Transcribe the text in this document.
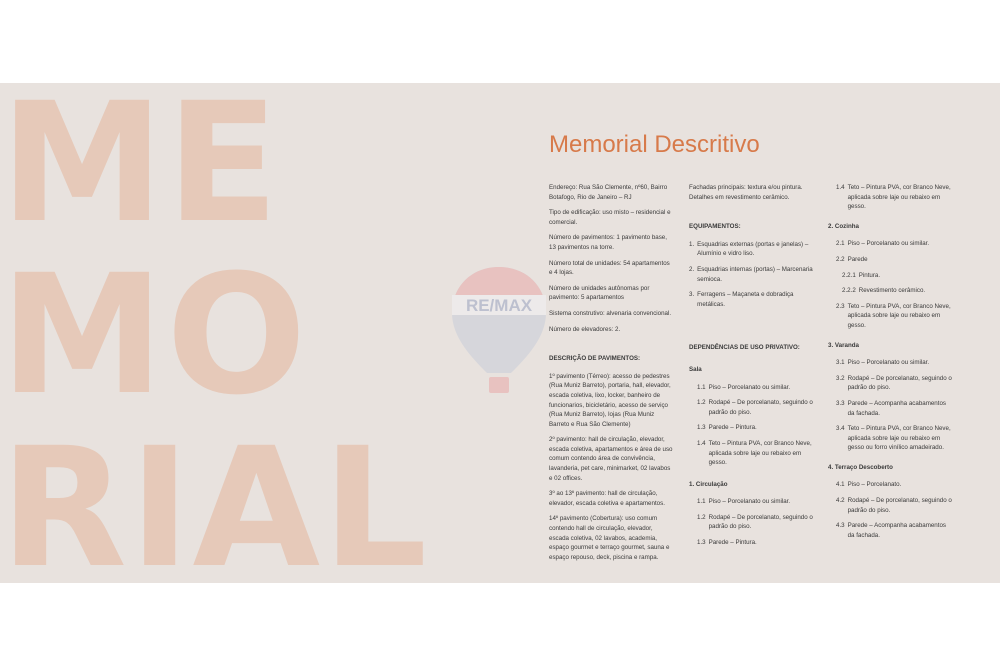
ME
MO
RIAL
RE/MAX
Memorial Descritivo

Endereço: Rua São Clemente, nº60, Bairro Botafogo, Rio de Janeiro – RJ

Tipo de edificação: uso misto – residencial e comercial.

Número de pavimentos: 1 pavimento base, 13 pavimentos na torre.

Número total de unidades: 54 apartamentos e 4 lojas.

Número de unidades autônomas por pavimento: 5 apartamentos

Sistema construtivo: alvenaria convencional.

Número de elevadores: 2.

DESCRIÇÃO DE PAVIMENTOS:

1º pavimento (Térreo): acesso de pedestres (Rua Muniz Barreto), portaria, hall, elevador, escada coletiva, lixo, locker, banheiro de funcionarios, bicicletário, acesso de serviço (Rua Muniz Barreto), lojas (Rua Muniz Barreto e Rua São Clemente)

2º pavimento: hall de circulação, elevador, escada coletiva, apartamentos e área de uso comum contendo área de convivência, lavanderia, pet care, minimarket, 02 lavabos e 02 offices.

3º ao 13º pavimento: hall de circulação, elevador, escada coletiva e apartamentos.

14º pavimento (Cobertura): uso comum contendo hall de circulação, elevador, escada coletiva, 02 lavabos, academia, espaço gourmet e terraço gourmet, sauna e espaço repouso, deck, piscina e rampa.

Fachadas principais: textura e/ou pintura. Detalhes em revestimento cerâmico.

EQUIPAMENTOS:

1. Esquadrias externas (portas e janelas) – Alumínio e vidro liso.
2. Esquadrias internas (portas) – Marcenaria semioca.
3. Ferragens – Maçaneta e dobradiça metálicas.

DEPENDÊNCIAS DE USO PRIVATIVO:

Sala

1.1 Piso – Porcelanato ou similar.
1.2 Rodapé – De porcelanato, seguindo o padrão do piso.
1.3 Parede – Pintura.
1.4 Teto – Pintura PVA, cor Branco Neve, aplicada sobre laje ou rebaixo em gesso.

1. Circulação

1.1 Piso – Porcelanato ou similar.
1.2 Rodapé – De porcelanato, seguindo o padrão do piso.
1.3 Parede – Pintura.
1.4 Teto – Pintura PVA, cor Branco Neve, aplicada sobre laje ou rebaixo em gesso.

2. Cozinha

2.1 Piso – Porcelanato ou similar.
2.2 Parede
2.2.1 Pintura.
2.2.2 Revestimento cerâmico.
2.3 Teto – Pintura PVA, cor Branco Neve, aplicada sobre laje ou rebaixo em gesso.

3. Varanda

3.1 Piso – Porcelanato ou similar.
3.2 Rodapé – De porcelanato, seguindo o padrão do piso.
3.3 Parede – Acompanha acabamentos da fachada.
3.4 Teto – Pintura PVA, cor Branco Neve, aplicada sobre laje ou rebaixo em gesso ou forro vinílico amadeirado.

4. Terraço Descoberto

4.1 Piso – Porcelanato.
4.2 Rodapé – De porcelanato, seguindo o padrão do piso.
4.3 Parede – Acompanha acabamentos da fachada.
